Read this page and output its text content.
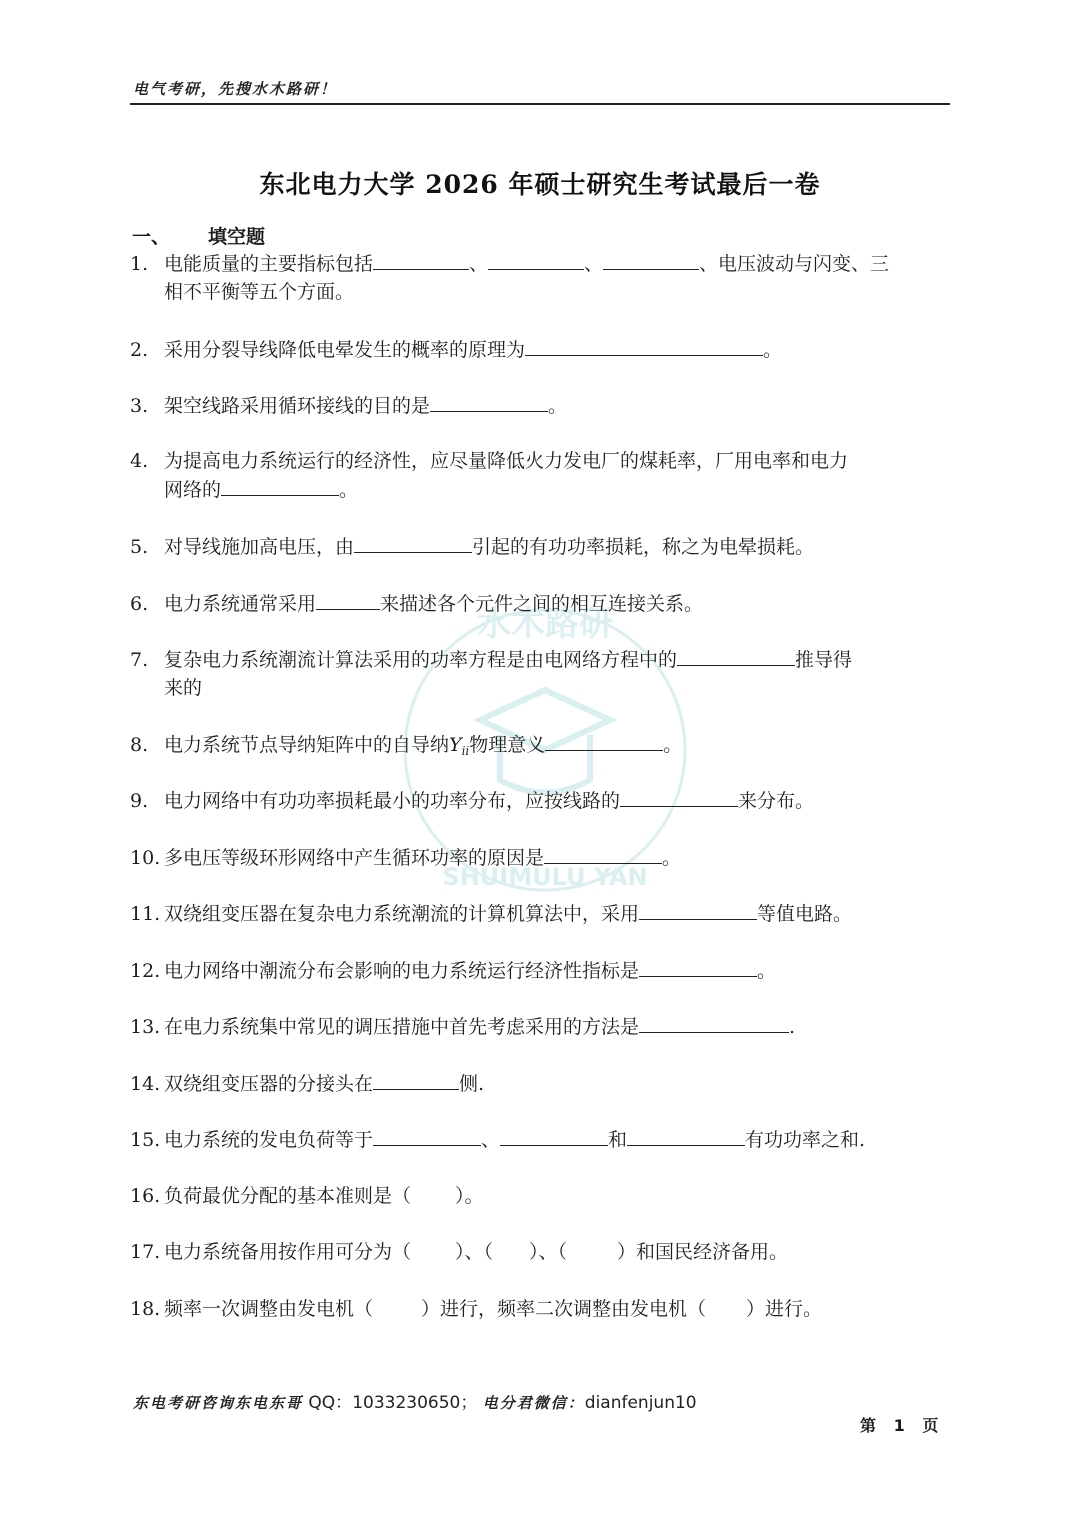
电气考研，先搜水木路研！
东北电力大学 2026 年硕士研究生考试最后一卷
一、 填空题
水木路研
SHUIMULU YAN
1. 电能质量的主要指标包括	、	、	、电压波动与闪变、三
相不平衡等五个方面。
2. 采用分裂导线降低电晕发生的概率的原理为	。
3. 架空线路采用循环接线的目的是	。
4. 为提高电力系统运行的经济性，应尽量降低火力发电厂的煤耗率，厂用电率和电力
网络的	。
5. 对导线施加高电压，由	引起的有功功率损耗，称之为电晕损耗。
6. 电力系统通常采用	来描述各个元件之间的相互连接关系。
7. 复杂电力系统潮流计算法采用的功率方程是由电网络方程中的	推导得
来的
8. 电力系统节点导纳矩阵中的自导纳$Y_{ii}$物理意义	。
9. 电力网络中有功功率损耗最小的功率分布，应按线路的	来分布。
10. 多电压等级环形网络中产生循环功率的原因是	。
11. 双绕组变压器在复杂电力系统潮流的计算机算法中，采用	等值电路。
12. 电力网络中潮流分布会影响的电力系统运行经济性指标是	。
13. 在电力系统集中常见的调压措施中首先考虑采用的方法是	.
14. 双绕组变压器的分接头在	侧.
15. 电力系统的发电负荷等于	、	和	有功功率之和.
16. 负荷最优分配的基本准则是（ ）。
17. 电力系统备用按作用可分为（ ）、（ ）、（	）和国民经济备用。
18. 频率一次调整由发电机（	）进行，频率二次调整由发电机（ ）进行。
东电考研咨询东电东哥 QQ：1033230650； 电分君微信：dianfenjun10
第 1 页
